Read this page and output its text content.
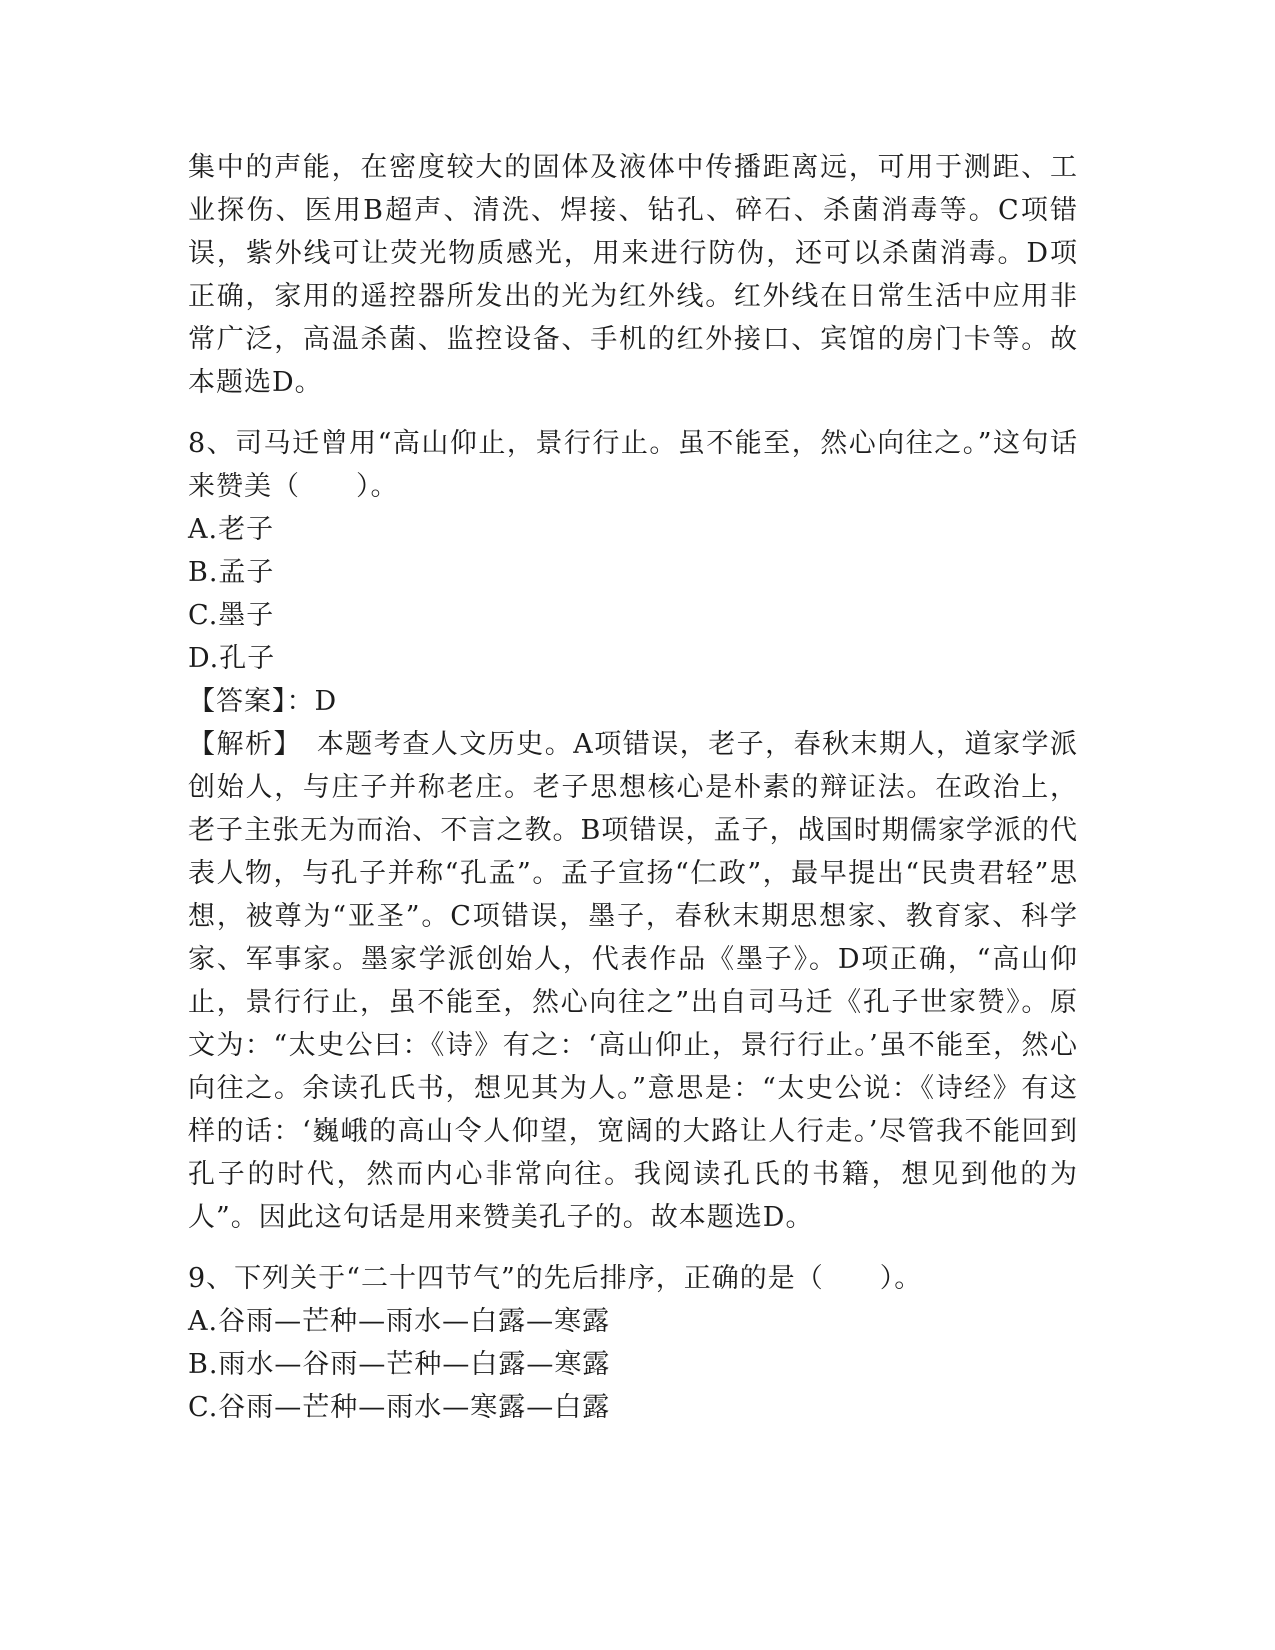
集中的声能，在密度较大的固体及液体中传播距离远，可用于测距、工业探伤、医用B超声、清洗、焊接、钻孔、碎石、杀菌消毒等。C项错误，紫外线可让荧光物质感光，用来进行防伪，还可以杀菌消毒。D项正确，家用的遥控器所发出的光为红外线。红外线在日常生活中应用非常广泛，高温杀菌、监控设备、手机的红外接口、宾馆的房门卡等。故本题选D。

8、司马迁曾用“高山仰止，景行行止。虽不能至，然心向往之。”这句话来赞美（　　）。

A.老子
B.孟子
C.墨子
D.孔子
【答案】：D

【解析】　本题考查人文历史。A项错误，老子，春秋末期人，道家学派创始人，与庄子并称老庄。老子思想核心是朴素的辩证法。在政治上，老子主张无为而治、不言之教。B项错误，孟子，战国时期儒家学派的代表人物，与孔子并称“孔孟”。孟子宣扬“仁政”，最早提出“民贵君轻”思想，被尊为“亚圣”。C项错误，墨子，春秋末期思想家、教育家、科学家、军事家。墨家学派创始人，代表作品《墨子》。D项正确，“高山仰止，景行行止，虽不能至，然心向往之”出自司马迁《孔子世家赞》。原文为：“太史公曰：《诗》有之：‘高山仰止，景行行止。’虽不能至，然心向往之。余读孔氏书，想见其为人。”意思是：“太史公说：《诗经》有这样的话：‘巍峨的高山令人仰望，宽阔的大路让人行走。’尽管我不能回到孔子的时代，然而内心非常向往。我阅读孔氏的书籍，想见到他的为人”。因此这句话是用来赞美孔子的。故本题选D。

9、下列关于“二十四节气”的先后排序，正确的是（　　）。

A.谷雨—芒种—雨水—白露—寒露
B.雨水—谷雨—芒种—白露—寒露
C.谷雨—芒种—雨水—寒露—白露
